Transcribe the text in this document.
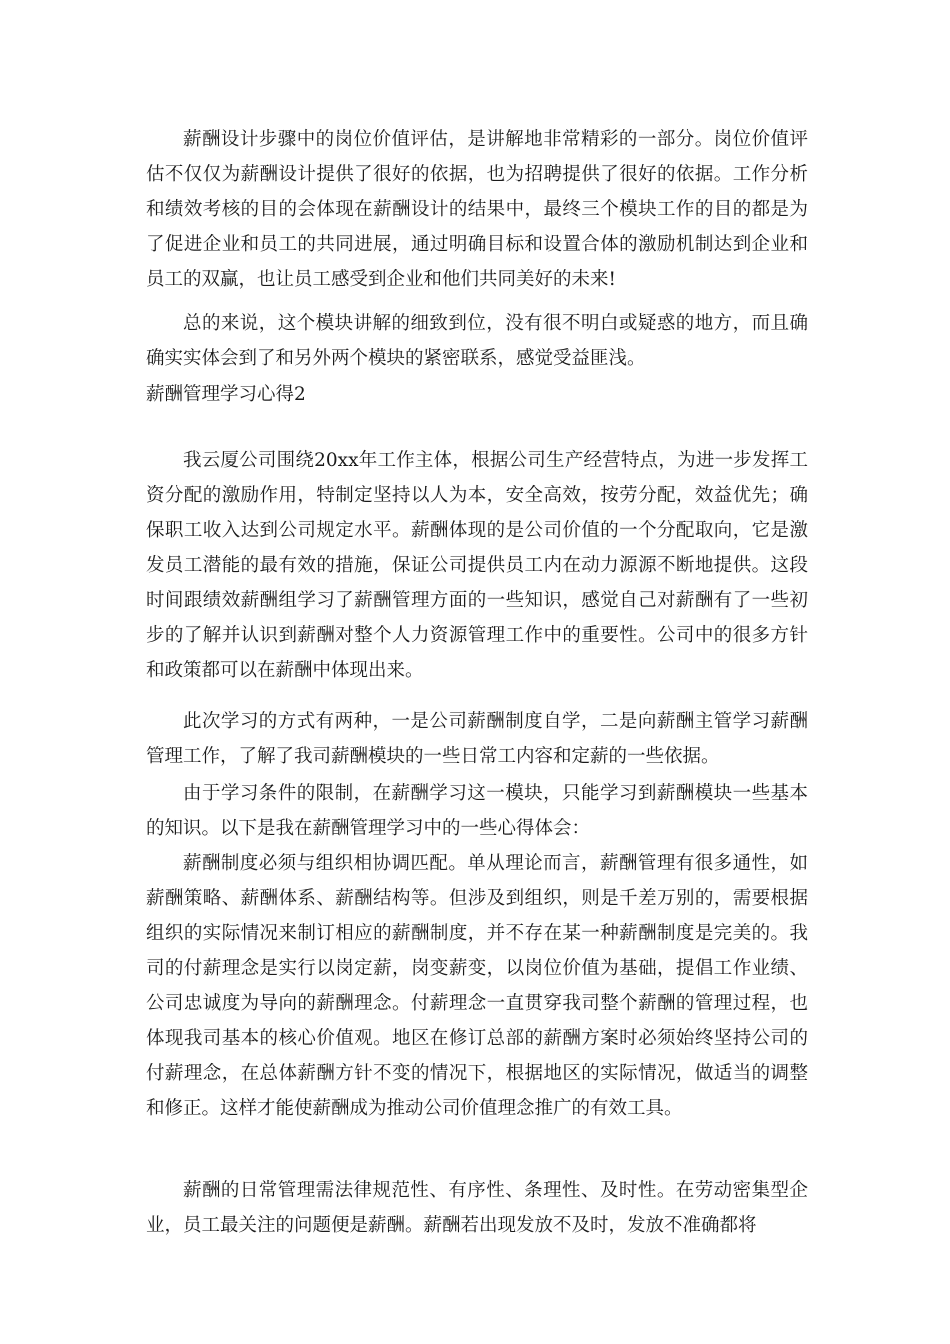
薪酬设计步骤中的岗位价值评估，是讲解地非常精彩的一部分。岗位价值评估不仅仅为薪酬设计提供了很好的依据，也为招聘提供了很好的依据。工作分析和绩效考核的目的会体现在薪酬设计的结果中，最终三个模块工作的目的都是为了促进企业和员工的共同进展，通过明确目标和设置合体的激励机制达到企业和员工的双赢，也让员工感受到企业和他们共同美好的未来!

总的来说，这个模块讲解的细致到位，没有很不明白或疑惑的地方，而且确确实实体会到了和另外两个模块的紧密联系，感觉受益匪浅。

薪酬管理学习心得2

我云厦公司围绕20xx年工作主体，根据公司生产经营特点，为进一步发挥工资分配的激励作用，特制定坚持以人为本，安全高效，按劳分配，效益优先；确保职工收入达到公司规定水平。薪酬体现的是公司价值的一个分配取向，它是激发员工潜能的最有效的措施，保证公司提供员工内在动力源源不断地提供。这段时间跟绩效薪酬组学习了薪酬管理方面的一些知识，感觉自己对薪酬有了一些初步的了解并认识到薪酬对整个人力资源管理工作中的重要性。公司中的很多方针和政策都可以在薪酬中体现出来。

此次学习的方式有两种，一是公司薪酬制度自学，二是向薪酬主管学习薪酬管理工作，了解了我司薪酬模块的一些日常工内容和定薪的一些依据。

由于学习条件的限制，在薪酬学习这一模块，只能学习到薪酬模块一些基本的知识。以下是我在薪酬管理学习中的一些心得体会：

薪酬制度必须与组织相协调匹配。单从理论而言，薪酬管理有很多通性，如薪酬策略、薪酬体系、薪酬结构等。但涉及到组织，则是千差万别的，需要根据组织的实际情况来制订相应的薪酬制度，并不存在某一种薪酬制度是完美的。我司的付薪理念是实行以岗定薪，岗变薪变，以岗位价值为基础，提倡工作业绩、公司忠诚度为导向的薪酬理念。付薪理念一直贯穿我司整个薪酬的管理过程，也体现我司基本的核心价值观。地区在修订总部的薪酬方案时必须始终坚持公司的付薪理念，在总体薪酬方针不变的情况下，根据地区的实际情况，做适当的调整和修正。这样才能使薪酬成为推动公司价值理念推广的有效工具。

薪酬的日常管理需法律规范性、有序性、条理性、及时性。在劳动密集型企业，员工最关注的问题便是薪酬。薪酬若出现发放不及时，发放不准确都将
